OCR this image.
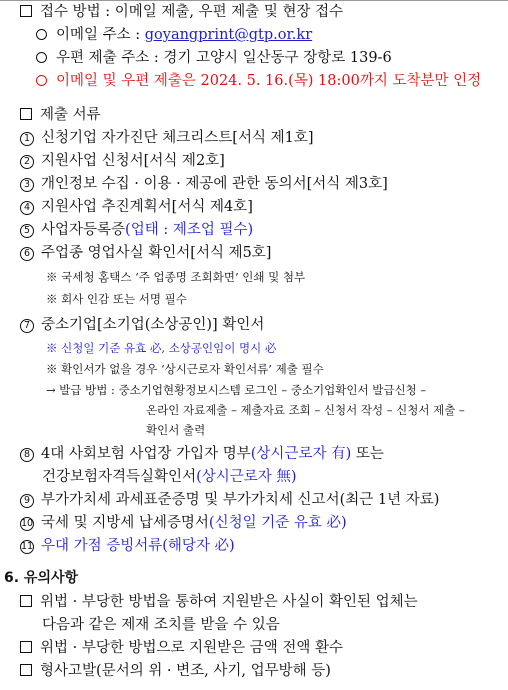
접수 방법 : 이메일 제출, 우편 제출 및 현장 접수
이메일 주소 : goyangprint@gtp.or.kr
우편 제출 주소 : 경기 고양시 일산동구 장항로 139-6
이메일 및 우편 제출은 2024. 5. 16.(목) 18:00까지 도착분만 인정
제출 서류
1 신청기업 자가진단 체크리스트[서식 제1호]
2 지원사업 신청서[서식 제2호]
3 개인정보 수집 · 이용 · 제공에 관한 동의서[서식 제3호]
4 지원사업 추진계획서[서식 제4호]
5 사업자등록증(업태 : 제조업 필수)
6 주업종 영업사실 확인서[서식 제5호]
※ 국세청 홈택스 ‘주 업종명 조회화면’ 인쇄 및 첨부
※ 회사 인감 또는 서명 필수
7 중소기업[소기업(소상공인)] 확인서
※ 신청일 기준 유효 必, 소상공인임이 명시 必
※ 확인서가 없을 경우 ‘상시근로자 확인서류’ 제출 필수
→ 발급 방법 : 중소기업현황정보시스템 로그인 – 중소기업확인서 발급신청 –
온라인 자료제출 – 제출자료 조회 – 신청서 작성 – 신청서 제출 –
확인서 출력
8 4대 사회보험 사업장 가입자 명부(상시근로자 有) 또는
건강보험자격득실확인서(상시근로자 無)
9 부가가치세 과세표준증명 및 부가가치세 신고서(최근 1년 자료)
10 국세 및 지방세 납세증명서(신청일 기준 유효 必)
11 우대 가점 증빙서류(해당자 必)
6. 유의사항
위법 · 부당한 방법을 통하여 지원받은 사실이 확인된 업체는
다음과 같은 제재 조치를 받을 수 있음
위법 · 부당한 방법으로 지원받은 금액 전액 환수
형사고발(문서의 위 · 변조, 사기, 업무방해 등)
